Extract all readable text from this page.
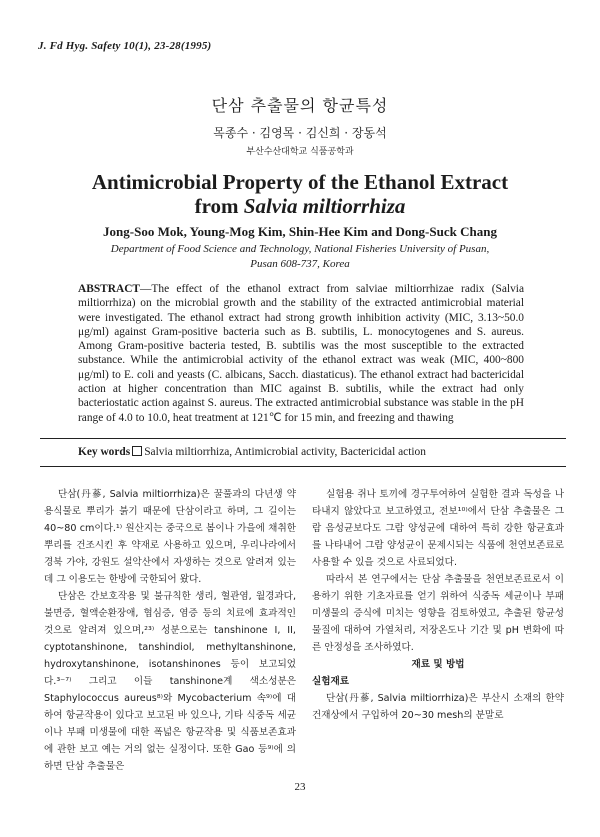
J. Fd Hyg. Safety 10(1), 23-28(1995)
단삼 추출물의 항균특성
목종수 · 김영목 · 김신희 · 장동석
부산수산대학교 식품공학과
Antimicrobial Property of the Ethanol Extract
from Salvia miltiorrhiza
Jong-Soo Mok, Young-Mog Kim, Shin-Hee Kim and Dong-Suck Chang
Department of Food Science and Technology, National Fisheries University of Pusan,
Pusan 608-737, Korea
ABSTRACT—The effect of the ethanol extract from salviae miltiorrhizae radix (Salvia miltiorrhiza) on the microbial growth and the stability of the extracted antimicrobial material were investigated. The ethanol extract had strong growth inhibition activity (MIC, 3.13~50.0 μg/ml) against Gram-positive bacteria such as B. subtilis, L. monocytogenes and S. aureus. Among Gram-positive bacteria tested, B. subtilis was the most susceptible to the extracted substance. While the antimicrobial activity of the ethanol extract was weak (MIC, 400~800 μg/ml) to E. coli and yeasts (C. albicans, Sacch. diastaticus). The ethanol extract had bactericidal action at higher concentration than MIC against B. subtilis, while the extract had only bacteriostatic action against S. aureus. The extracted antimicrobial substance was stable in the pH range of 4.0 to 10.0, heat treatment at 121℃ for 15 min, and freezing and thawing
Key words Salvia miltiorrhiza, Antimicrobial activity, Bactericidal action

단삼(丹蔘, Salvia miltiorrhiza)은 꿀풀과의 다년생 약용식물로 뿌리가 붉기 때문에 단삼이라고 하며, 그 길이는 40~80 cm이다.¹⁾ 원산지는 중국으로 봄이나 가을에 채취한 뿌리를 건조시킨 후 약재로 사용하고 있으며, 우리나라에서 경북 가야, 강원도 설악산에서 자생하는 것으로 알려져 있는데 그 이용도는 한방에 국한되어 왔다.

단삼은 간보호작용 및 불규칙한 생리, 혈관염, 월경과다, 불면증, 혈액순환장애, 협심증, 염증 등의 치료에 효과적인 것으로 알려져 있으며,²³⁾ 성분으로는 tanshinone I, II, cyptotanshinone, tanshindiol, methyltanshinone, hydroxytanshinone, isotanshinones 등이 보고되었다.³⁻⁷⁾ 그리고 이들 tanshinone계 색소성분은 Staphylococcus aureus⁸⁾와 Mycobacterium 속⁹⁾에 대하여 항균작용이 있다고 보고된 바 있으나, 기타 식중독 세균이나 부패 미생물에 대한 폭넓은 항균작용 및 식품보존효과에 관한 보고 예는 거의 없는 실정이다. 또한 Gao 등⁹⁾에 의하면 단삼 추출물은

실험용 쥐나 토끼에 경구투여하여 실험한 결과 독성을 나타내지 않았다고 보고하였고, 전보¹⁰⁾에서 단삼 추출물은 그람 음성균보다도 그람 양성균에 대하여 특히 강한 항균효과를 나타내어 그람 양성균이 문제시되는 식품에 천연보존료로 사용할 수 있을 것으로 사료되었다.

따라서 본 연구에서는 단삼 추출물을 천연보존료로서 이용하기 위한 기초자료를 얻기 위하여 식중독 세균이나 부패 미생물의 증식에 미치는 영향을 검토하였고, 추출된 항균성 물질에 대하여 가열처리, 저장온도나 기간 및 pH 변화에 따른 안정성을 조사하였다.

재료 및 방법

실험재료

단삼(丹蔘, Salvia miltiorrhiza)은 부산시 소재의 한약 건재상에서 구입하여 20~30 mesh의 분말로

23
